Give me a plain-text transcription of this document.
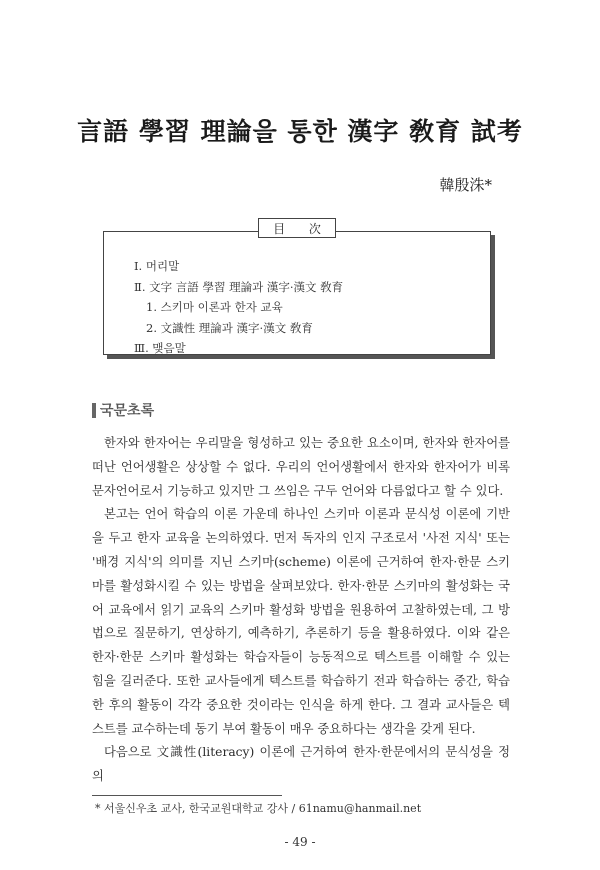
言語 學習 理論을 통한 漢字 敎育 試考
韓殷洙*
目 次
Ⅰ. 머리말
Ⅱ. 文字 言語 學習 理論과 漢字·漢文 敎育
1. 스키마 이론과 한자 교육
2. 文識性 理論과 漢字·漢文 敎育
Ⅲ. 맺음말
국문초록

한자와 한자어는 우리말을 형성하고 있는 중요한 요소이며, 한자와 한자어를 떠난 언어생활은 상상할 수 없다. 우리의 언어생활에서 한자와 한자어가 비록 문자언어로서 기능하고 있지만 그 쓰임은 구두 언어와 다름없다고 할 수 있다.

본고는 언어 학습의 이론 가운데 하나인 스키마 이론과 문식성 이론에 기반을 두고 한자 교육을 논의하였다. 먼저 독자의 인지 구조로서 '사전 지식' 또는 '배경 지식'의 의미를 지닌 스키마(scheme) 이론에 근거하여 한자·한문 스키마를 활성화시킬 수 있는 방법을 살펴보았다. 한자·한문 스키마의 활성화는 국어 교육에서 읽기 교육의 스키마 활성화 방법을 원용하여 고찰하였는데, 그 방법으로 질문하기, 연상하기, 예측하기, 추론하기 등을 활용하였다. 이와 같은 한자·한문 스키마 활성화는 학습자들이 능동적으로 텍스트를 이해할 수 있는 힘을 길러준다. 또한 교사들에게 텍스트를 학습하기 전과 학습하는 중간, 학습한 후의 활동이 각각 중요한 것이라는 인식을 하게 한다. 그 결과 교사들은 텍스트를 교수하는데 동기 부여 활동이 매우 중요하다는 생각을 갖게 된다.

다음으로 文識性(literacy) 이론에 근거하여 한자·한문에서의 문식성을 정의

* 서울신우초 교사, 한국교원대학교 강사 / 61namu@hanmail.net
- 49 -
